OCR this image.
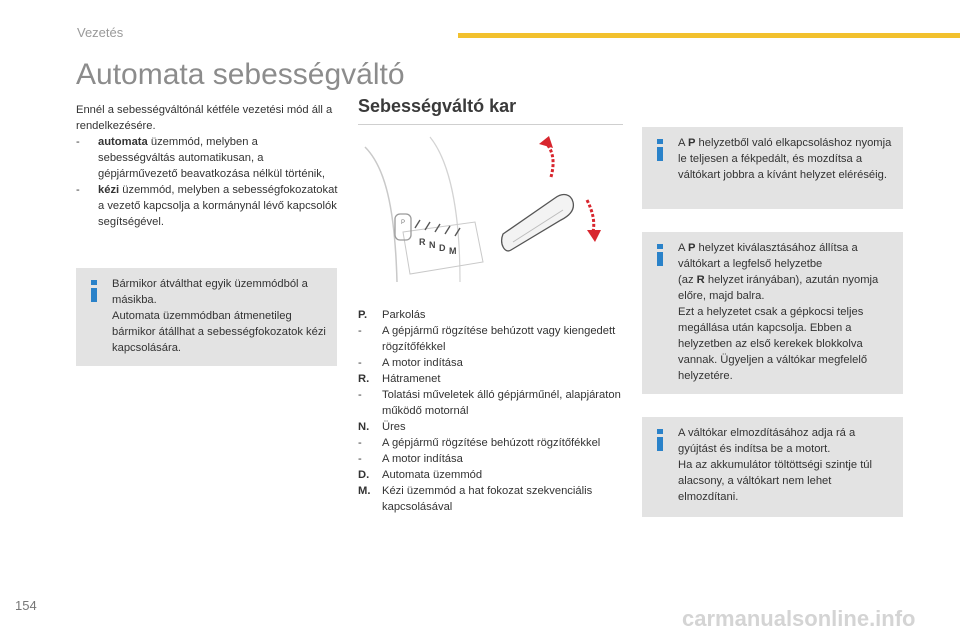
Vezetés
Automata sebességváltó

Ennél a sebességváltónál kétféle vezetési mód áll a rendelkezésére.

-	automata üzemmód, melyben a sebességváltás automatikusan, a gépjárművezető beavatkozása nélkül történik,
-	kézi üzemmód, melyben a sebességfokozatokat a vezető kapcsolja a kormánynál lévő kapcsolók segítségével.

Bármikor átválthat egyik üzemmódból a másikba.

Automata üzemmódban átmenetileg bármikor átállhat a sebességfokozatok kézi kapcsolására.

Sebességváltó kar
P
R N D M
P.	Parkolás
-	A gépjármű rögzítése behúzott vagy kiengedett rögzítőfékkel
-	A motor indítása
R.	Hátramenet
-	Tolatási műveletek álló gépjárműnél, alapjáraton működő motornál
N.	Üres
-	A gépjármű rögzítése behúzott rögzítőfékkel
-	A motor indítása
D.	Automata üzemmód
M.	Kézi üzemmód a hat fokozat szekvenciális kapcsolásával

A P helyzetből való elkapcsoláshoz nyomja le teljesen a fékpedált, és mozdítsa a váltókart jobbra a kívánt helyzet eléréséig.

A P helyzet kiválasztásához állítsa a váltókart a legfelső helyzetbe

(az R helyzet irányában), azután nyomja előre, majd balra.

Ezt a helyzetet csak a gépkocsi teljes megállása után kapcsolja. Ebben a helyzetben az első kerekek blokkolva vannak. Ügyeljen a váltókar megfelelő helyzetére.

A váltókar elmozdításához adja rá a gyújtást és indítsa be a motort.

Ha az akkumulátor töltöttségi szintje túl alacsony, a váltókart nem lehet elmozdítani.

154
carmanualsonline.info
